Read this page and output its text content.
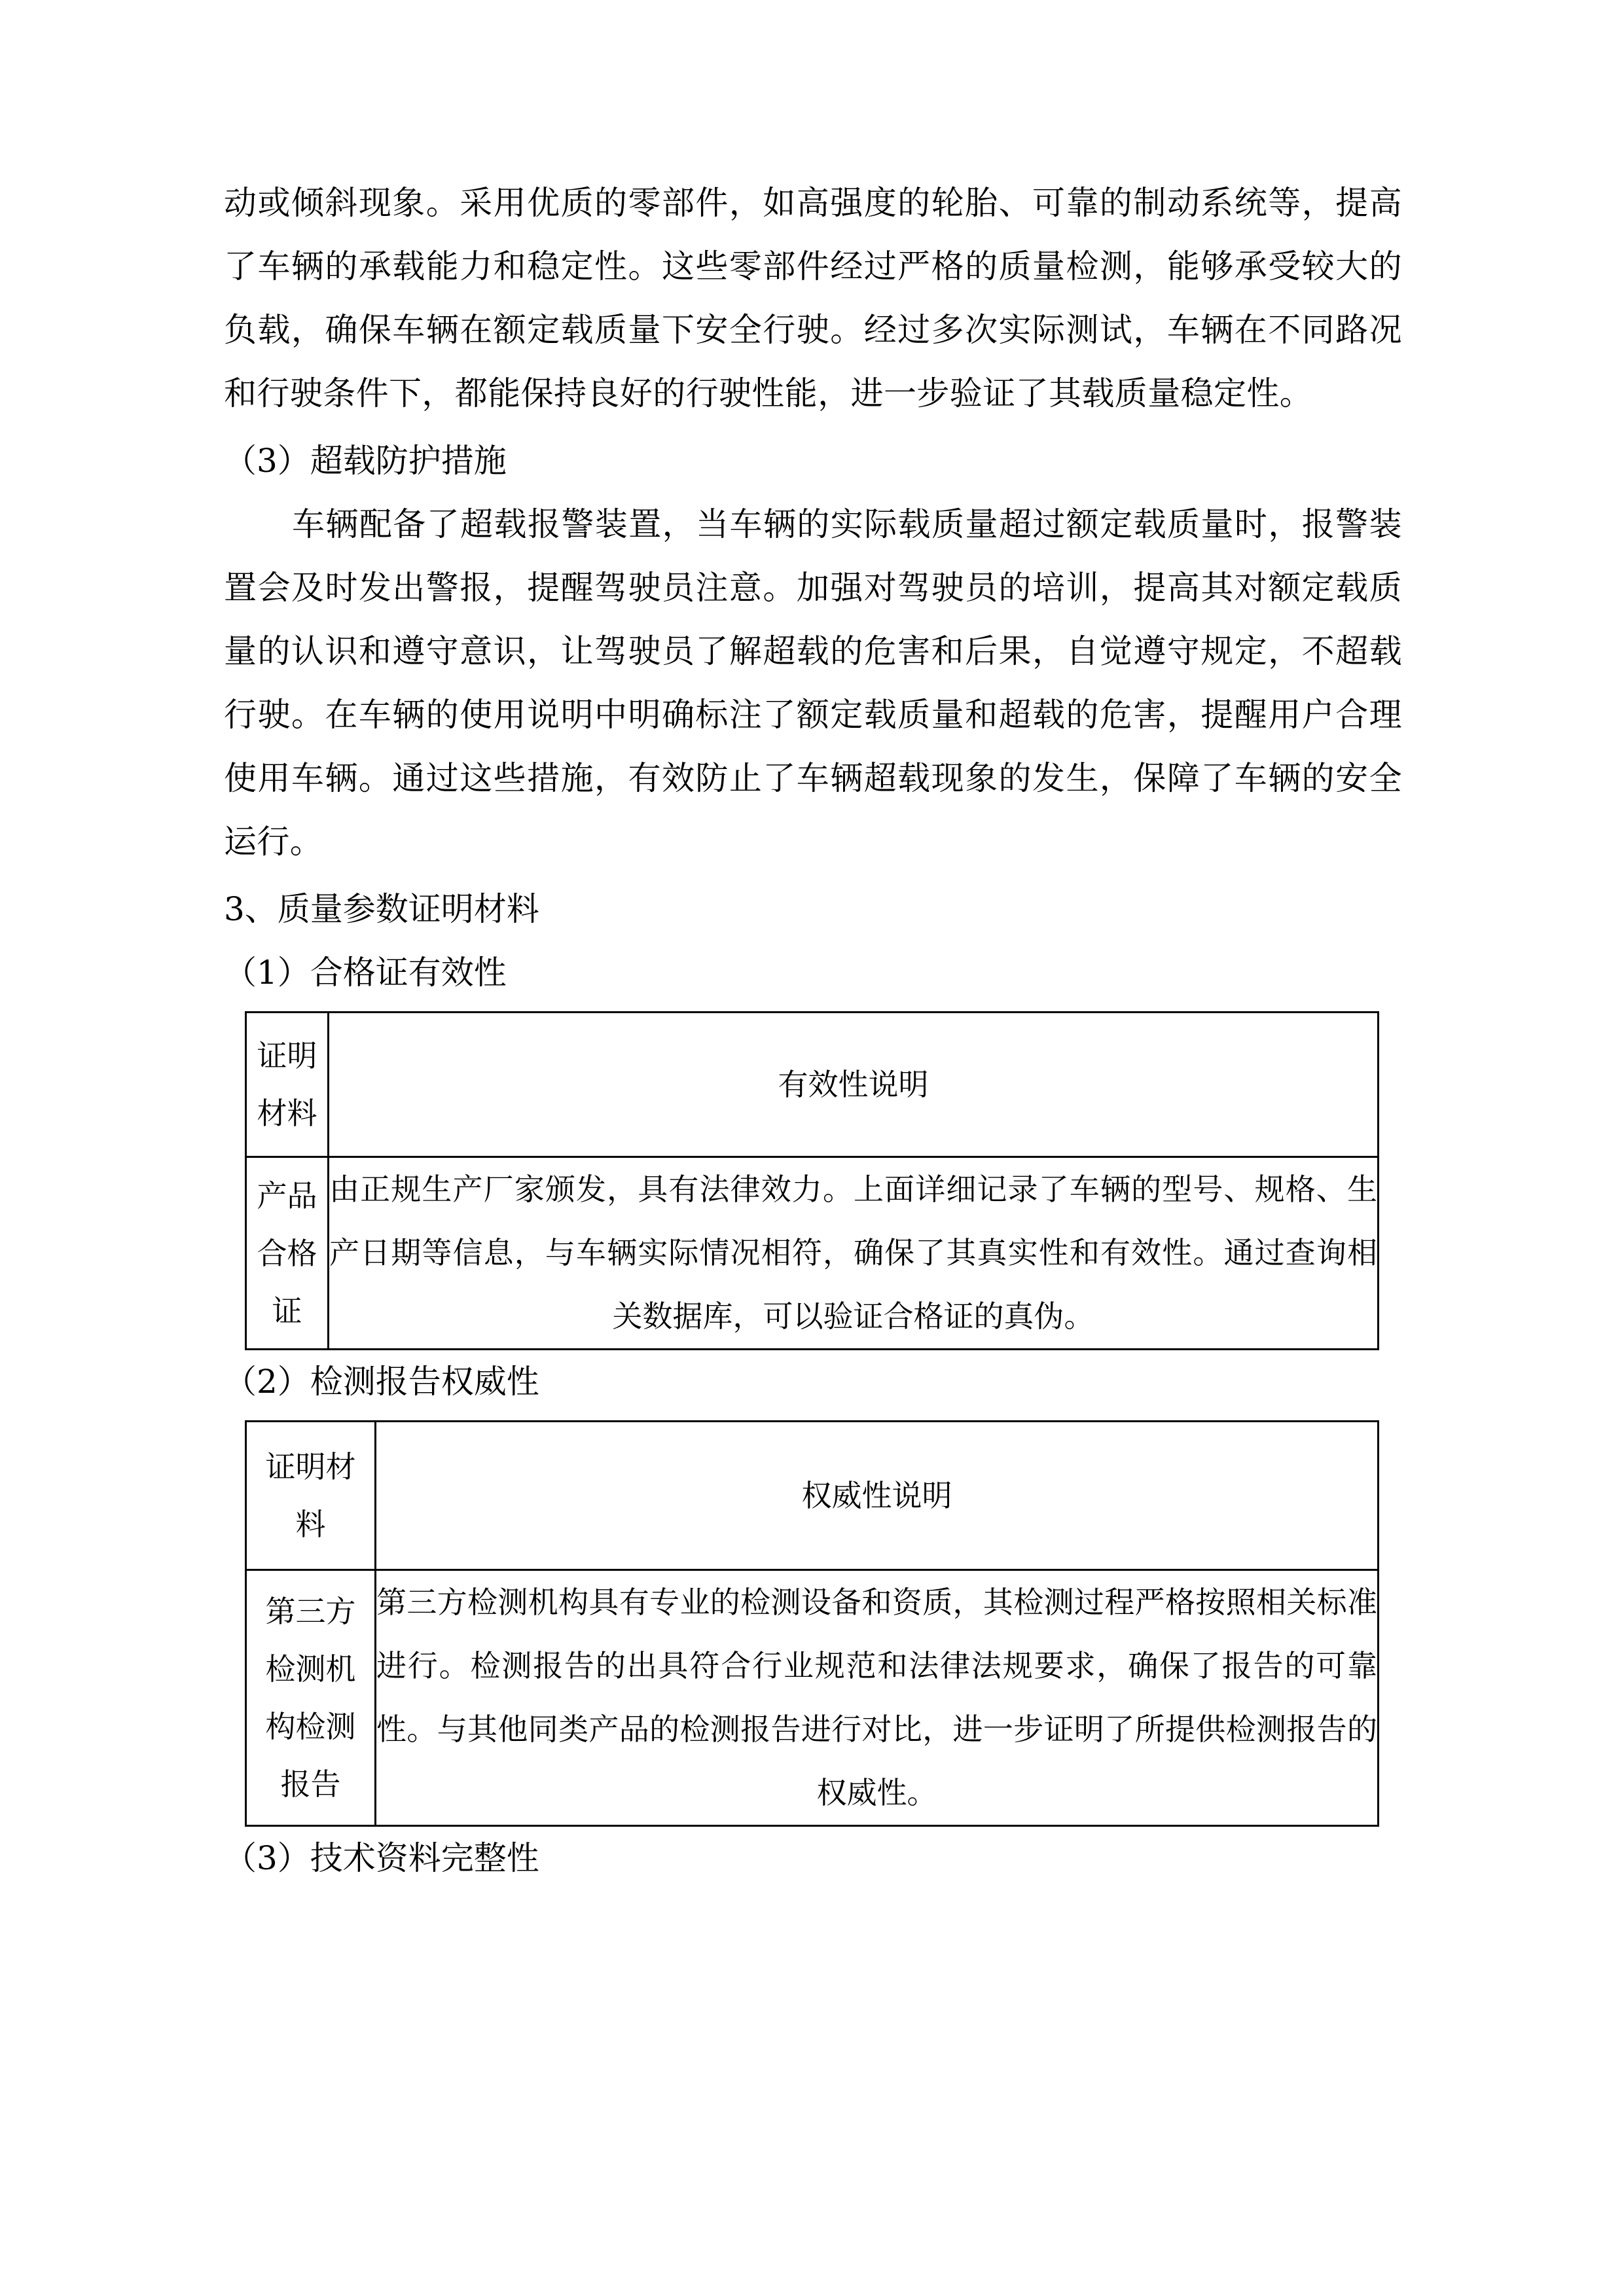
动或倾斜现象。采用优质的零部件，如高强度的轮胎、可靠的制动系统等，提高了车辆的承载能力和稳定性。这些零部件经过严格的质量检测，能够承受较大的负载，确保车辆在额定载质量下安全行驶。经过多次实际测试，车辆在不同路况和行驶条件下，都能保持良好的行驶性能，进一步验证了其载质量稳定性。

（3）超载防护措施

车辆配备了超载报警装置，当车辆的实际载质量超过额定载质量时，报警装置会及时发出警报，提醒驾驶员注意。加强对驾驶员的培训，提高其对额定载质量的认识和遵守意识，让驾驶员了解超载的危害和后果，自觉遵守规定，不超载行驶。在车辆的使用说明中明确标注了额定载质量和超载的危害，提醒用户合理使用车辆。通过这些措施，有效防止了车辆超载现象的发生，保障了车辆的安全运行。

3、质量参数证明材料

（1）合格证有效性

证明
材料	有效性说明

产品
合格
证	由正规生产厂家颁发，具有法律效力。上面详细记录了车辆的型号、规格、生产日期等信息，与车辆实际情况相符，确保了其真实性和有效性。通过查询相关数据库，可以验证合格证的真伪。

（2）检测报告权威性

证明材
料	权威性说明

第三方
检测机
构检测
报告	第三方检测机构具有专业的检测设备和资质，其检测过程严格按照相关标准进行。检测报告的出具符合行业规范和法律法规要求，确保了报告的可靠性。与其他同类产品的检测报告进行对比，进一步证明了所提供检测报告的权威性。

（3）技术资料完整性
